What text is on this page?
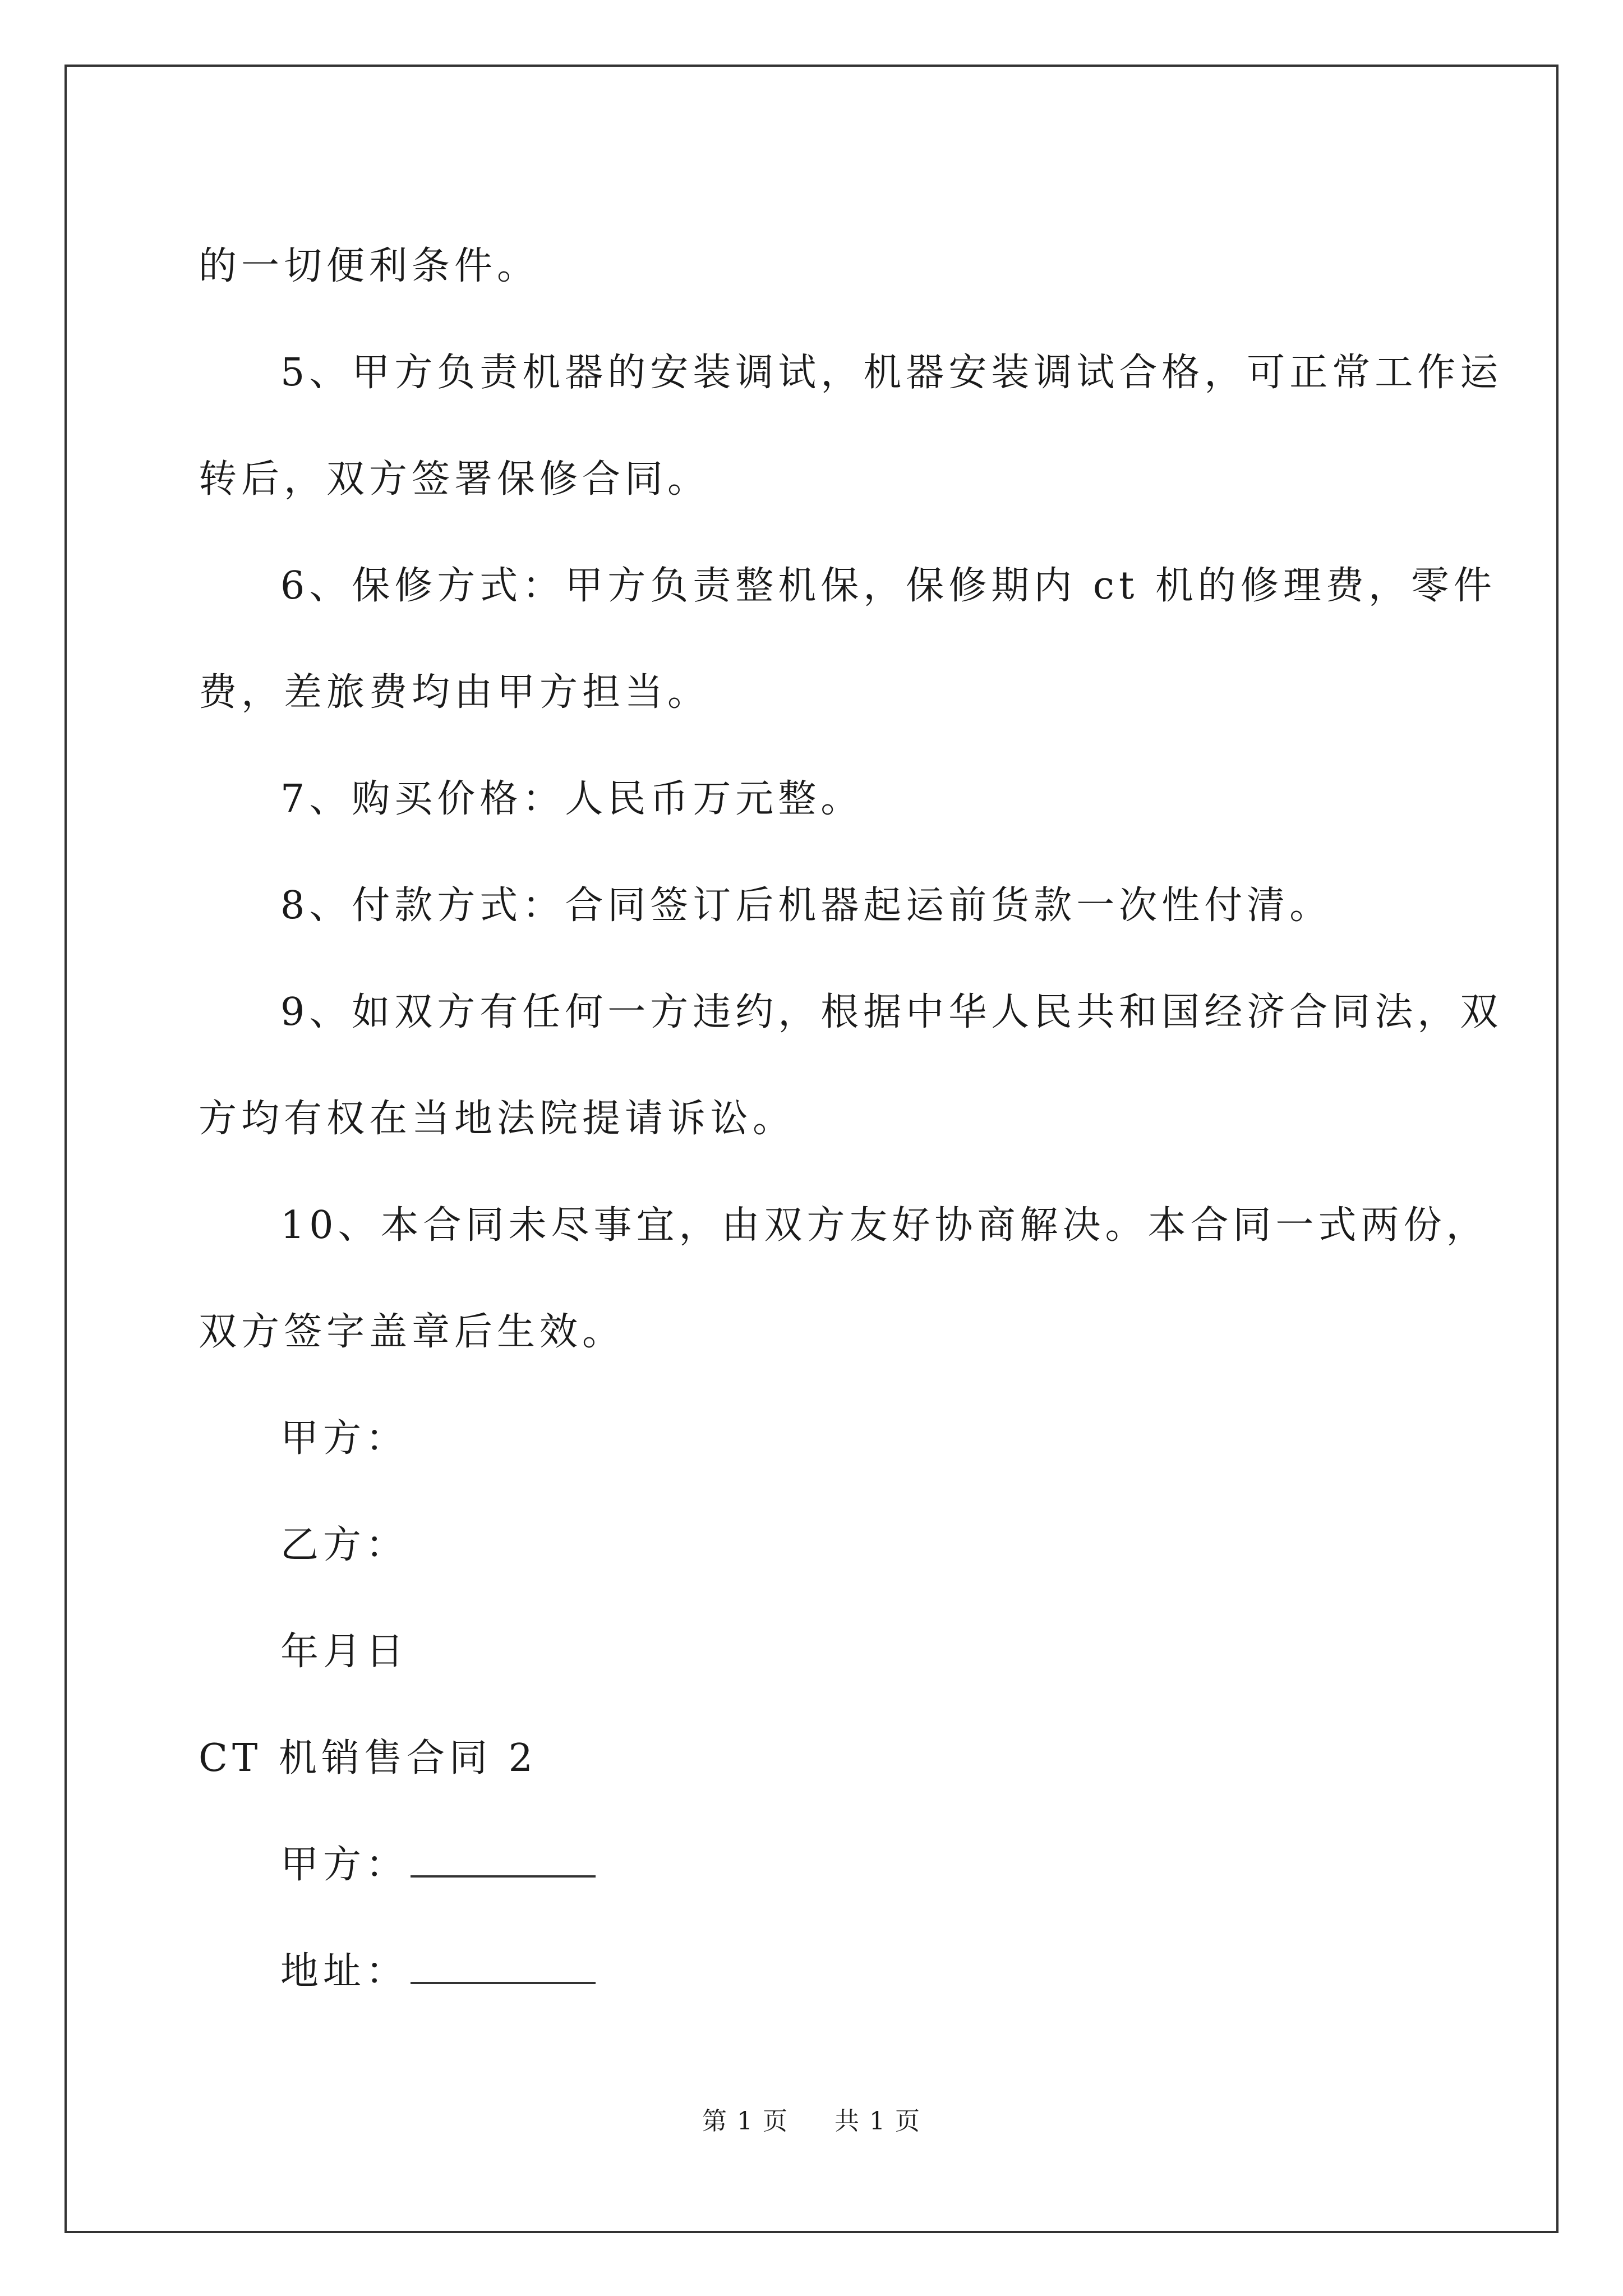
的一切便利条件。

5、甲方负责机器的安装调试，机器安装调试合格，可正常工作运

转后，双方签署保修合同。

6、保修方式：甲方负责整机保，保修期内 ct 机的修理费，零件

费，差旅费均由甲方担当。

7、购买价格：人民币万元整。

8、付款方式：合同签订后机器起运前货款一次性付清。

9、如双方有任何一方违约，根据中华人民共和国经济合同法，双

方均有权在当地法院提请诉讼。

10、本合同未尽事宜，由双方友好协商解决。本合同一式两份，

双方签字盖章后生效。

甲方：

乙方：

年月日

CT 机销售合同 2

甲方：

地址：

第 1 页 共 1 页
